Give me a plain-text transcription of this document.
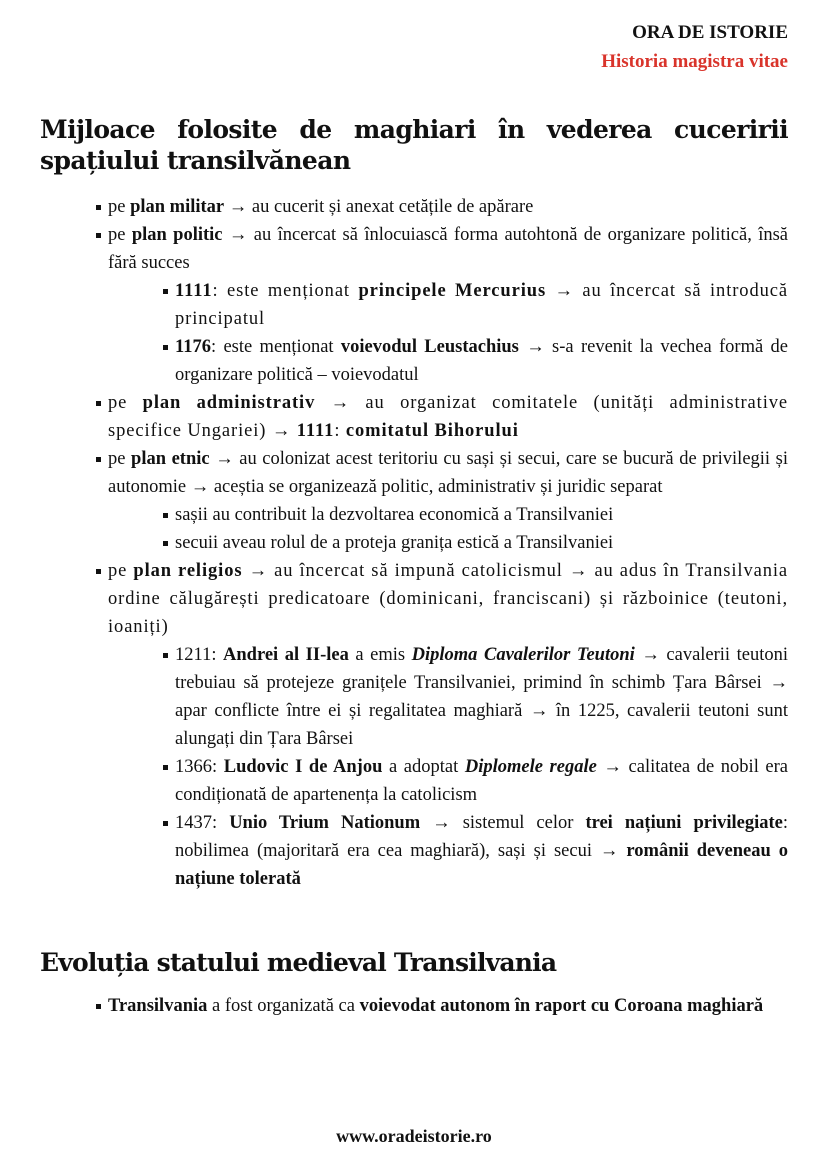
ORA DE ISTORIE
Historia magistra vitae
Mijloace folosite de maghiari în vederea cuceririi spațiului transilvănean
pe plan militar → au cucerit și anexat cetățile de apărare
pe plan politic → au încercat să înlocuiască forma autohtonă de organizare politică, însă fără succes
1111: este menționat principele Mercurius → au încercat să introducă principatul
1176: este menționat voievodul Leustachius → s-a revenit la vechea formă de organizare politică – voievodatul
pe plan administrativ → au organizat comitatele (unități administrative specifice Ungariei) → 1111: comitatul Bihorului
pe plan etnic → au colonizat acest teritoriu cu sași și secui, care se bucură de privilegii și autonomie → aceștia se organizează politic, administrativ și juridic separat
sașii au contribuit la dezvoltarea economică a Transilvaniei
secuii aveau rolul de a proteja granița estică a Transilvaniei
pe plan religios → au încercat să impună catolicismul → au adus în Transilvania ordine călugărești predicatoare (dominicani, franciscani) și războinice (teutoni, ioaniți)
1211: Andrei al II-lea a emis Diploma Cavalerilor Teutoni → cavalerii teutoni trebuiau să protejeze granițele Transilvaniei, primind în schimb Țara Bârsei → apar conflicte între ei și regalitatea maghiară → în 1225, cavalerii teutoni sunt alungați din Țara Bârsei
1366: Ludovic I de Anjou a adoptat Diplomele regale → calitatea de nobil era condiționată de apartenența la catolicism
1437: Unio Trium Nationum → sistemul celor trei națiuni privilegiate: nobilimea (majoritară era cea maghiară), sași și secui → românii deveneau o națiune tolerată
Evoluția statului medieval Transilvania
Transilvania a fost organizată ca voievodat autonom în raport cu Coroana maghiară
www.oradeistorie.ro
